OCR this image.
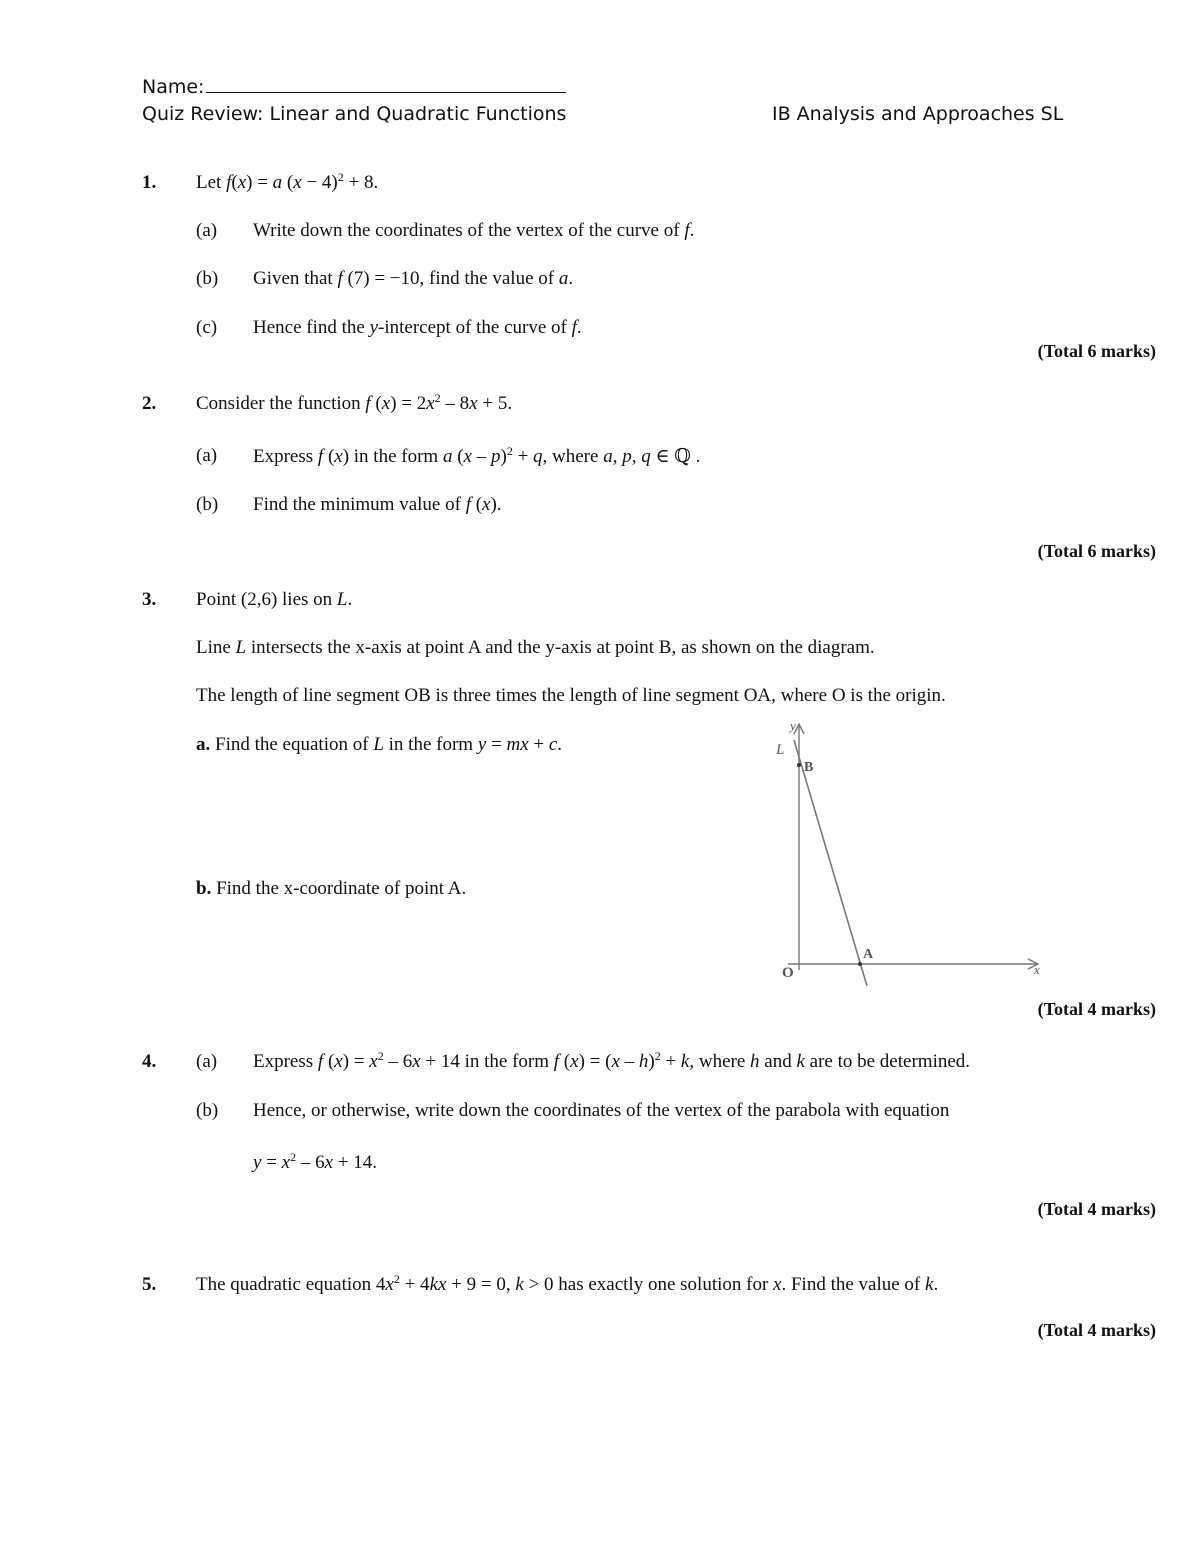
Name:
Quiz Review: Linear and Quadratic Functions	IB Analysis and Approaches SL
1. Let f(x) = a $(x - 4)^2 + 8$.
(a) Write down the coordinates of the vertex of the curve of f.
(b) Given that f (7) = −10, find the value of a.
(c) Hence find the y-intercept of the curve of f.
(Total 6 marks)
2. Consider the function f $(x) = 2x^2 - 8x + 5$.
(a) Express f (x) in the form a (x – p)$^2$ + q, where a, p, q ∈ ℚ .
(b) Find the minimum value of f (x).
(Total 6 marks)
3. Point (2,6) lies on L.
Line L intersects the x-axis at point A and the y-axis at point B, as shown on the diagram.
The length of line segment OB is three times the length of line segment OA, where O is the origin.
a. Find the equation of L in the form y = mx + c.
b. Find the x-coordinate of point A.
y
L
B
A
O	x
(Total 4 marks)
4. (a) Express f $(x) = x^2 - 6x + 14$ in the form f (x) = (x – h)$^2$ + k, where h and k are to be determined.
(b) Hence, or otherwise, write down the coordinates of the vertex of the parabola with equation
$y = x^2 - 6x + 14$.
(Total 4 marks)
5. The quadratic equation $4x^2 + 4kx + 9 = 0$, k > 0 has exactly one solution for x. Find the value of k.
(Total 4 marks)
